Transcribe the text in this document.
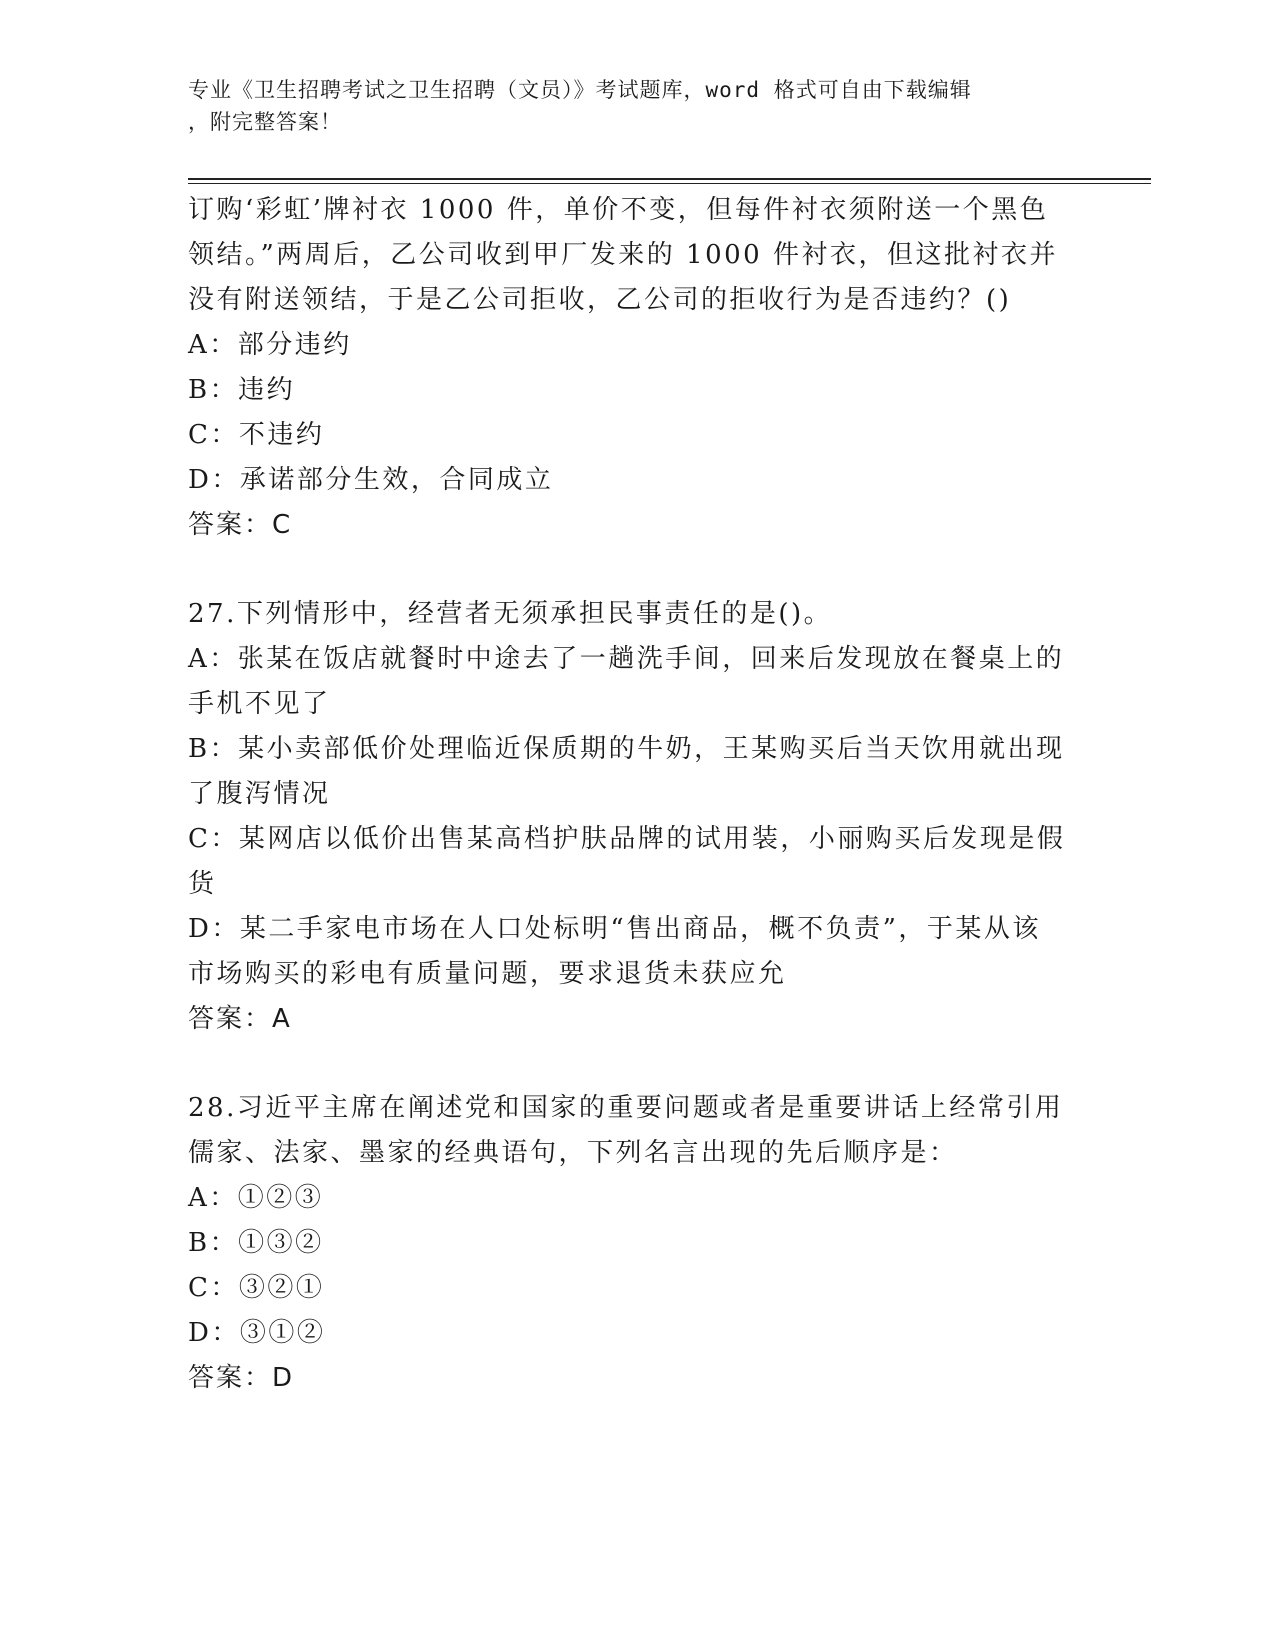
专业《卫生招聘考试之卫生招聘（文员）》考试题库，word 格式可自由下载编辑
，附完整答案！
订购‘彩虹’牌衬衣 1000 件，单价不变，但每件衬衣须附送一个黑色
领结。”两周后，乙公司收到甲厂发来的 1000 件衬衣，但这批衬衣并
没有附送领结，于是乙公司拒收，乙公司的拒收行为是否违约？()
A：部分违约
B：违约
C：不违约
D：承诺部分生效，合同成立
答案：C
27.下列情形中，经营者无须承担民事责任的是()。
A：张某在饭店就餐时中途去了一趟洗手间，回来后发现放在餐桌上的
手机不见了
B：某小卖部低价处理临近保质期的牛奶，王某购买后当天饮用就出现
了腹泻情况
C：某网店以低价出售某高档护肤品牌的试用装，小丽购买后发现是假
货
D：某二手家电市场在人口处标明“售出商品，概不负责”，于某从该
市场购买的彩电有质量问题，要求退货未获应允
答案：A
28.习近平主席在阐述党和国家的重要问题或者是重要讲话上经常引用
儒家、法家、墨家的经典语句，下列名言出现的先后顺序是：
A：①②③
B：①③②
C：③②①
D：③①②
答案：D
